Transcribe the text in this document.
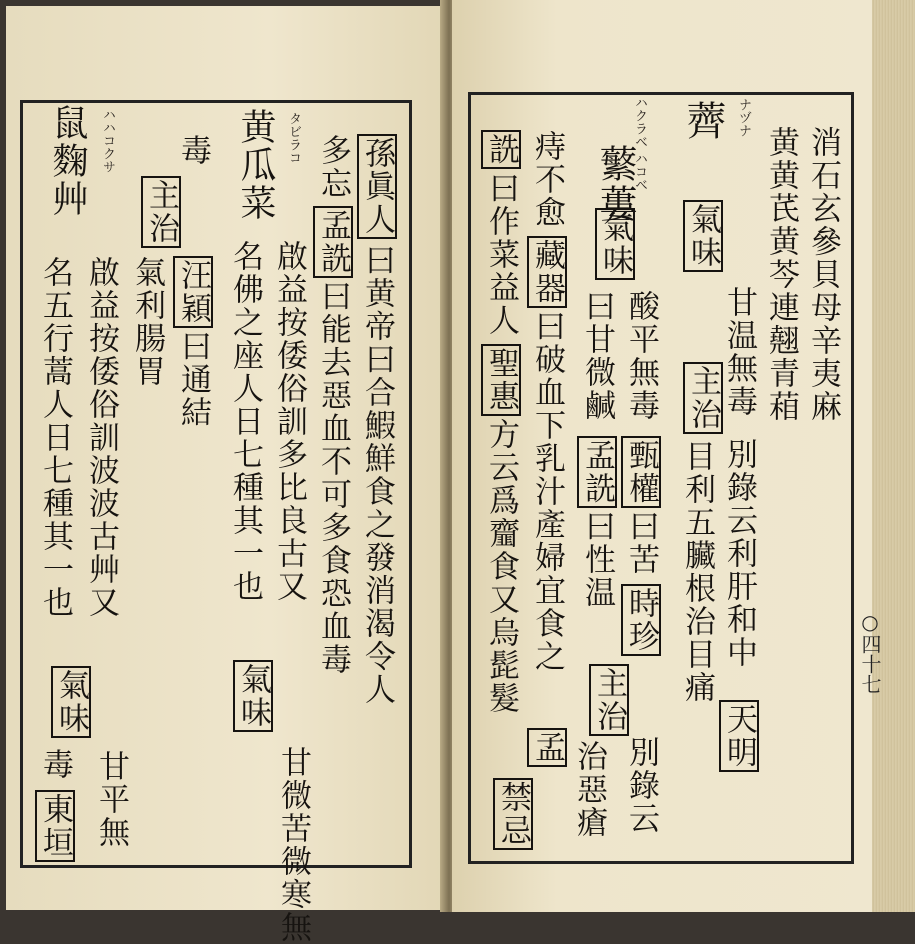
消石玄參貝母辛夷麻
黄黄芪黄芩連翹青葙
薺 ナヅナ
氣味
甘温無毒
主治
別錄云利肝和中
天明
目利五臟根治目痛
蘩蔞
ハクラベ ハコベ
氣味
酸平無毒
甄權
曰苦
時珍
曰甘微鹹
孟詵
曰性温
主治
別錄云
治惡瘡
痔不愈
藏器
曰破血下乳汁產婦宜食之
孟
詵
曰作菜益人
聖惠
方云爲齏食又烏髭髮
禁忌
○四十七
孫眞人
曰黄帝曰合鰕鮮食之發消渴令人
多忘
孟詵
曰能去惡血不可多食恐血毒
黄瓜菜 タビラコ
啟益按倭俗訓多比良古又
名佛之座人日七種其一也
氣味
甘微苦微寒無
毒
主治
汪穎
曰通結
氣利腸胃
鼠麴艸 ハハコクサ
啟益按倭俗訓波波古艸又
名五行蒿人日七種其一也
氣味
甘平無
毒
東垣
